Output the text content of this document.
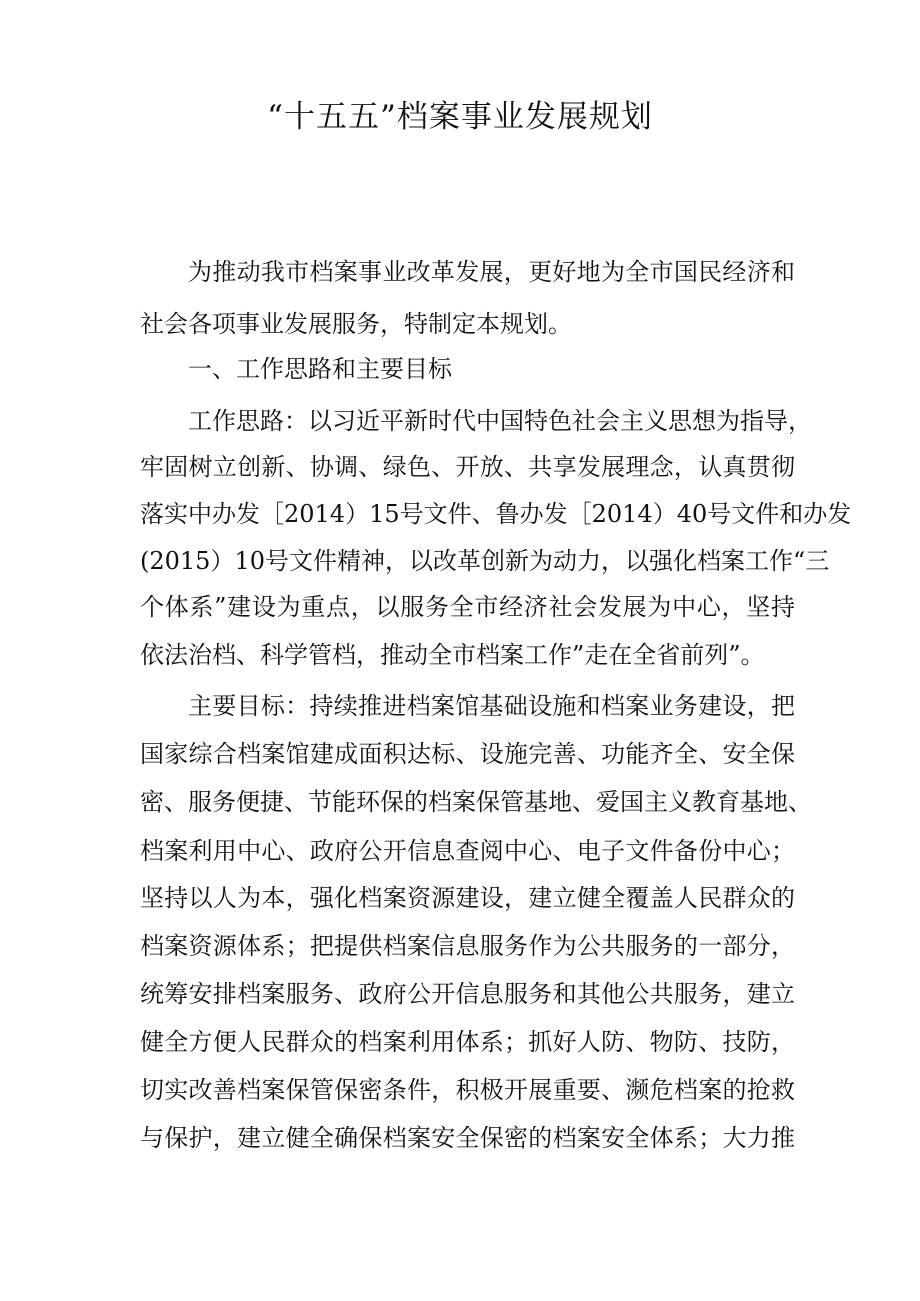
“十五五”档案事业发展规划
为推动我市档案事业改革发展，更好地为全市国民经济和
社会各项事业发展服务，特制定本规划。
一、工作思路和主要目标
工作思路：以习近平新时代中国特色社会主义思想为指导，
牢固树立创新、协调、绿色、开放、共享发展理念，认真贯彻
落实中办发［2014）15号文件、鲁办发［2014）40号文件和办发
(2015）10号文件精神，以改革创新为动力，以强化档案工作“三
个体系”建设为重点，以服务全市经济社会发展为中心，坚持
依法治档、科学管档，推动全市档案工作”走在全省前列”。
主要目标：持续推进档案馆基础设施和档案业务建设，把
国家综合档案馆建成面积达标、设施完善、功能齐全、安全保
密、服务便捷、节能环保的档案保管基地、爱国主义教育基地、
档案利用中心、政府公开信息查阅中心、电子文件备份中心；
坚持以人为本，强化档案资源建设，建立健全覆盖人民群众的
档案资源体系；把提供档案信息服务作为公共服务的一部分，
统筹安排档案服务、政府公开信息服务和其他公共服务，建立
健全方便人民群众的档案利用体系；抓好人防、物防、技防，
切实改善档案保管保密条件，积极开展重要、濒危档案的抢救
与保护，建立健全确保档案安全保密的档案安全体系；大力推
